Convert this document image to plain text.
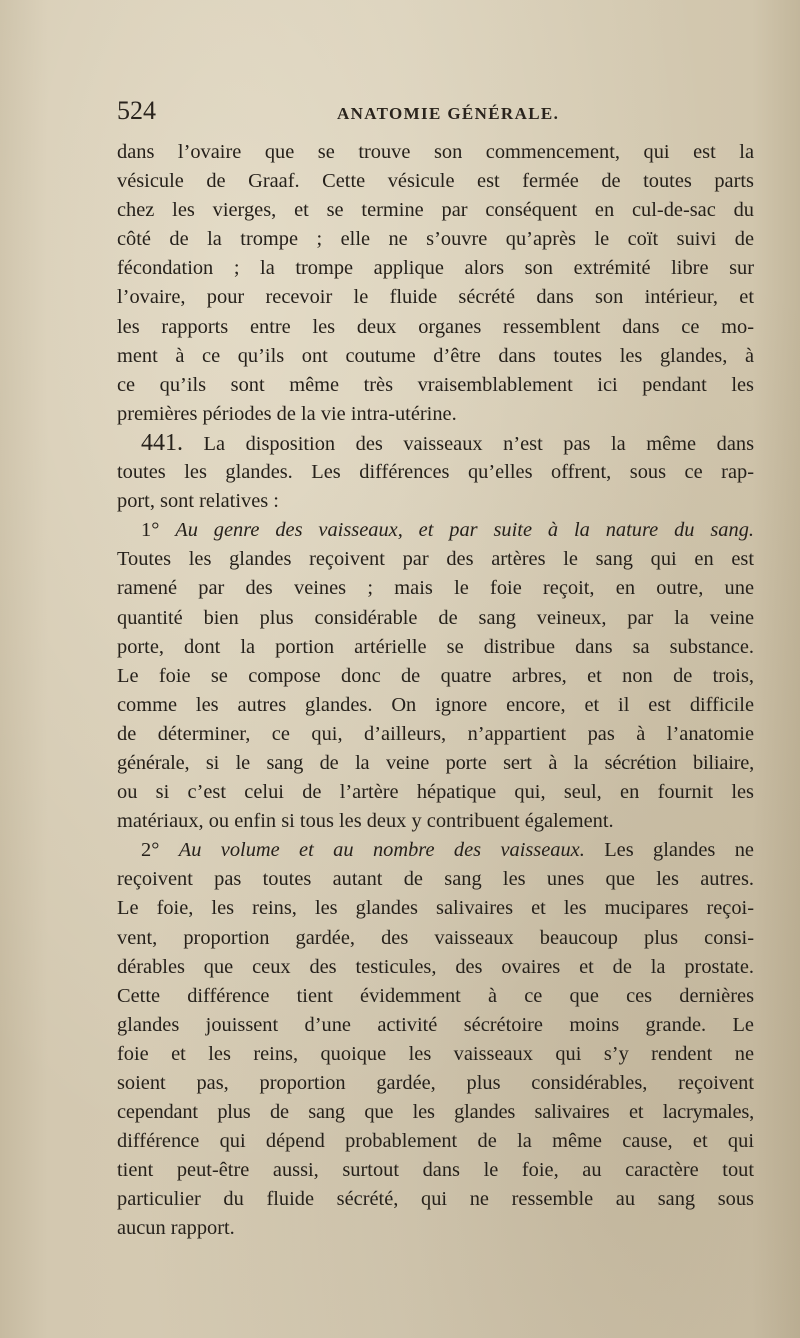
524	ANATOMIE GÉNÉRALE.
dans l’ovaire que se trouve son commencement, qui est la
vésicule de Graaf. Cette vésicule est fermée de toutes parts
chez les vierges, et se termine par conséquent en cul-de-sac du
côté de la trompe ; elle ne s’ouvre qu’après le coït suivi de
fécondation ; la trompe applique alors son extrémité libre sur
l’ovaire, pour recevoir le fluide sécrété dans son intérieur, et
les rapports entre les deux organes ressemblent dans ce mo-
ment à ce qu’ils ont coutume d’être dans toutes les glandes, à
ce qu’ils sont même très vraisemblablement ici pendant les
premières périodes de la vie intra-utérine.
441. La disposition des vaisseaux n’est pas la même dans
toutes les glandes. Les différences qu’elles offrent, sous ce rap-
port, sont relatives :
1° Au genre des vaisseaux, et par suite à la nature du sang.
Toutes les glandes reçoivent par des artères le sang qui en est
ramené par des veines ; mais le foie reçoit, en outre, une
quantité bien plus considérable de sang veineux, par la veine
porte, dont la portion artérielle se distribue dans sa substance.
Le foie se compose donc de quatre arbres, et non de trois,
comme les autres glandes. On ignore encore, et il est difficile
de déterminer, ce qui, d’ailleurs, n’appartient pas à l’anatomie
générale, si le sang de la veine porte sert à la sécrétion biliaire,
ou si c’est celui de l’artère hépatique qui, seul, en fournit les
matériaux, ou enfin si tous les deux y contribuent également.
2° Au volume et au nombre des vaisseaux. Les glandes ne
reçoivent pas toutes autant de sang les unes que les autres.
Le foie, les reins, les glandes salivaires et les mucipares reçoi-
vent, proportion gardée, des vaisseaux beaucoup plus consi-
dérables que ceux des testicules, des ovaires et de la prostate.
Cette différence tient évidemment à ce que ces dernières
glandes jouissent d’une activité sécrétoire moins grande. Le
foie et les reins, quoique les vaisseaux qui s’y rendent ne
soient pas, proportion gardée, plus considérables, reçoivent
cependant plus de sang que les glandes salivaires et lacrymales,
différence qui dépend probablement de la même cause, et qui
tient peut-être aussi, surtout dans le foie, au caractère tout
particulier du fluide sécrété, qui ne ressemble au sang sous
aucun rapport.
